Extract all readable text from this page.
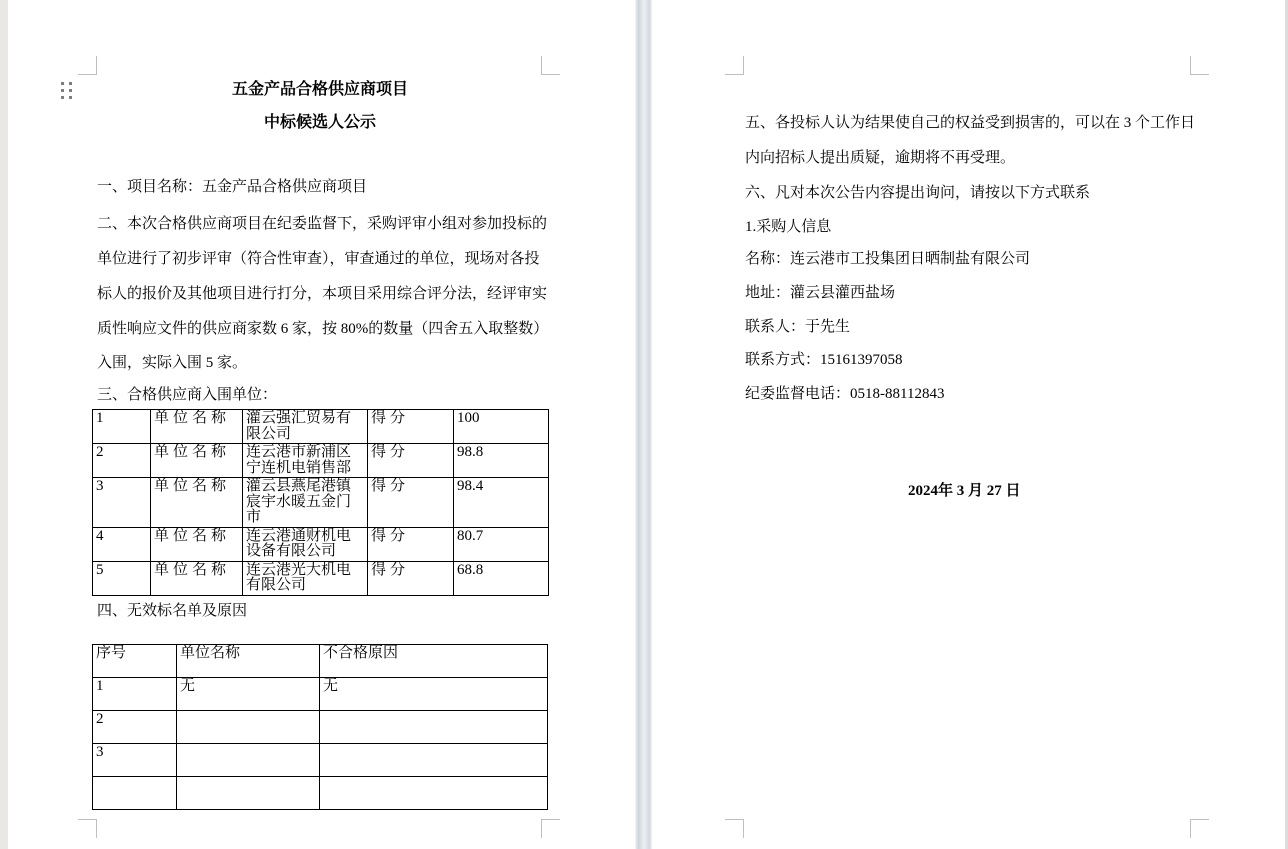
五金产品合格供应商项目
中标候选人公示
一、项目名称：五金产品合格供应商项目
二、本次合格供应商项目在纪委监督下，采购评审小组对参加投标的
单位进行了初步评审（符合性审查），审查通过的单位，现场对各投
标人的报价及其他项目进行打分，本项目采用综合评分法，经评审实
质性响应文件的供应商家数 6 家，按 80%的数量（四舍五入取整数）
入围，实际入围 5 家。
三、合格供应商入围单位：
1	单位名称	灌云强汇贸易有限公司	得分	100
2	单位名称	连云港市新浦区宁连机电销售部	得分	98.8
3	单位名称	灌云县燕尾港镇宸宇水暖五金门市	得分	98.4
4	单位名称	连云港通财机电设备有限公司	得分	80.7
5	单位名称	连云港光大机电有限公司	得分	68.8
四、无效标名单及原因
序号	单位名称	不合格原因
1	无	无
2		
3		

五、各投标人认为结果使自己的权益受到损害的，可以在 3 个工作日
内向招标人提出质疑，逾期将不再受理。
六、凡对本次公告内容提出询问，请按以下方式联系
1.采购人信息
名称：连云港市工投集团日晒制盐有限公司
地址：灌云县灌西盐场
联系人：于先生
联系方式：15161397058
纪委监督电话：0518-88112843
2024年 3 月 27 日
